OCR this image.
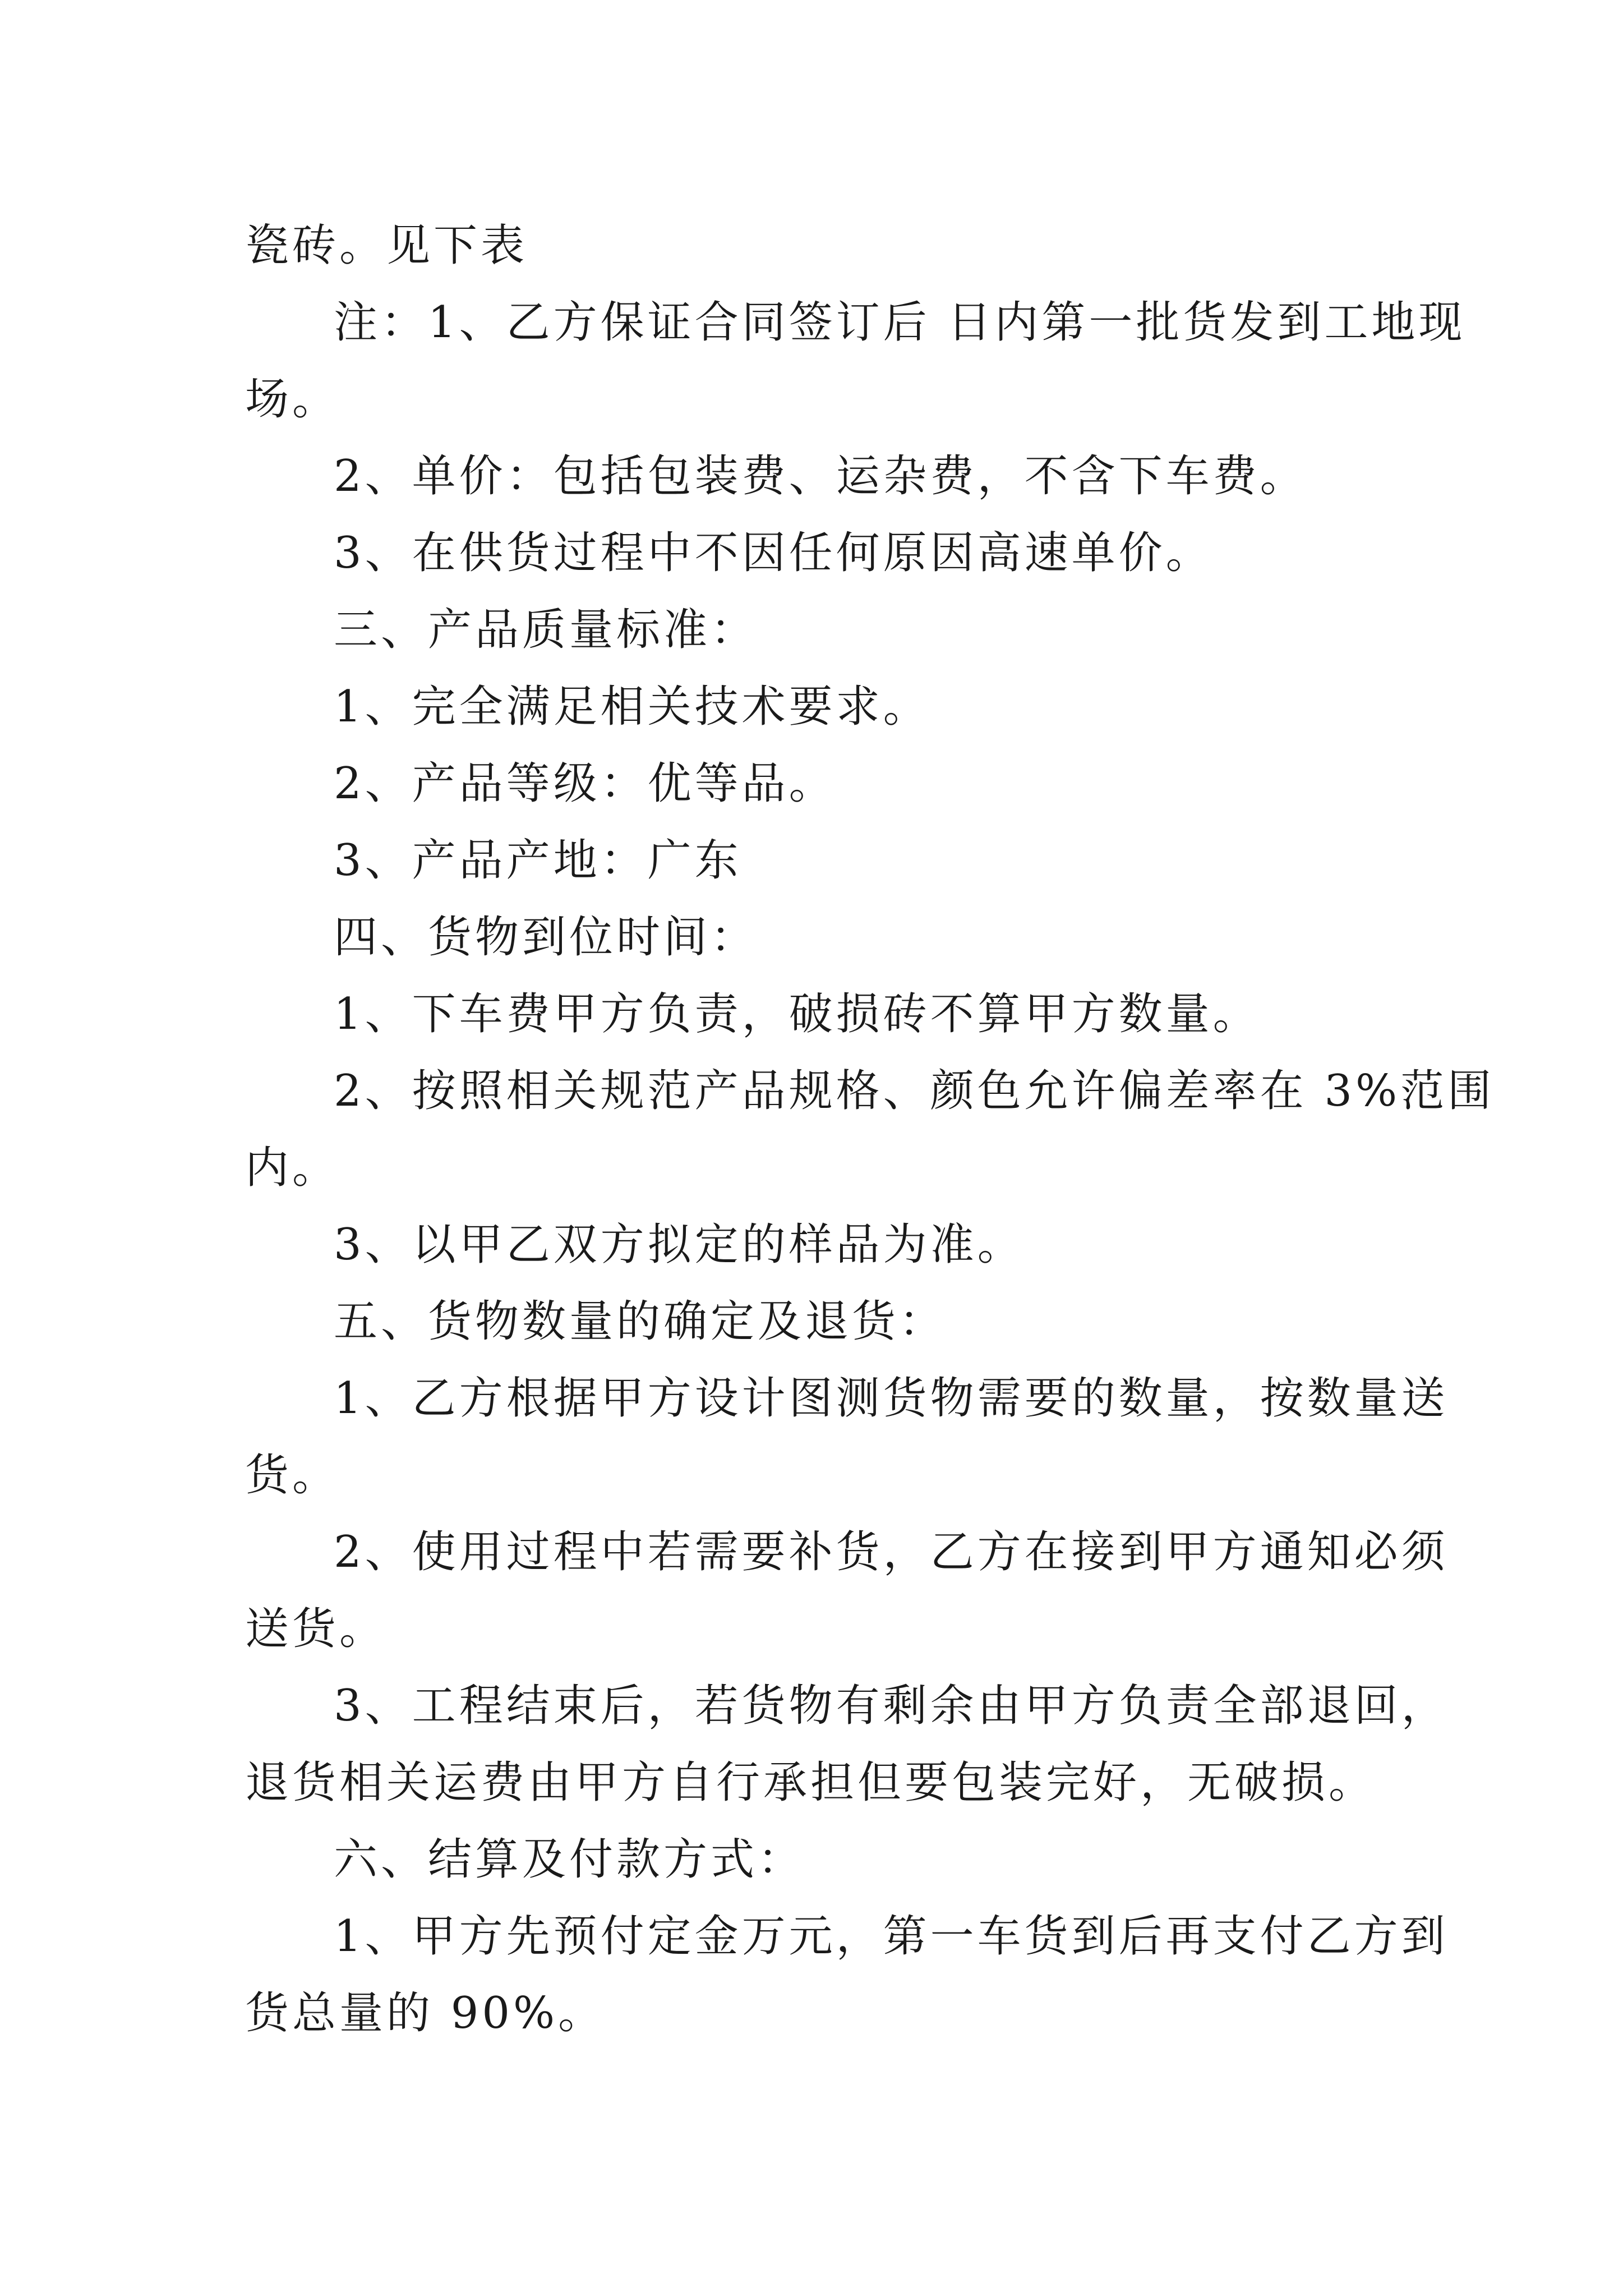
瓷砖。见下表

注：1、乙方保证合同签订后 日内第一批货发到工地现

场。

2、单价：包括包装费、运杂费，不含下车费。

3、在供货过程中不因任何原因高速单价。

三、产品质量标准：

1、完全满足相关技术要求。

2、产品等级：优等品。

3、产品产地：广东

四、货物到位时间：

1、下车费甲方负责，破损砖不算甲方数量。

2、按照相关规范产品规格、颜色允许偏差率在 3%范围

内。

3、以甲乙双方拟定的样品为准。

五、货物数量的确定及退货：

1、乙方根据甲方设计图测货物需要的数量，按数量送

货。

2、使用过程中若需要补货，乙方在接到甲方通知必须

送货。

3、工程结束后，若货物有剩余由甲方负责全部退回，

退货相关运费由甲方自行承担但要包装完好，无破损。

六、结算及付款方式：

1、甲方先预付定金万元，第一车货到后再支付乙方到

货总量的 90%。
